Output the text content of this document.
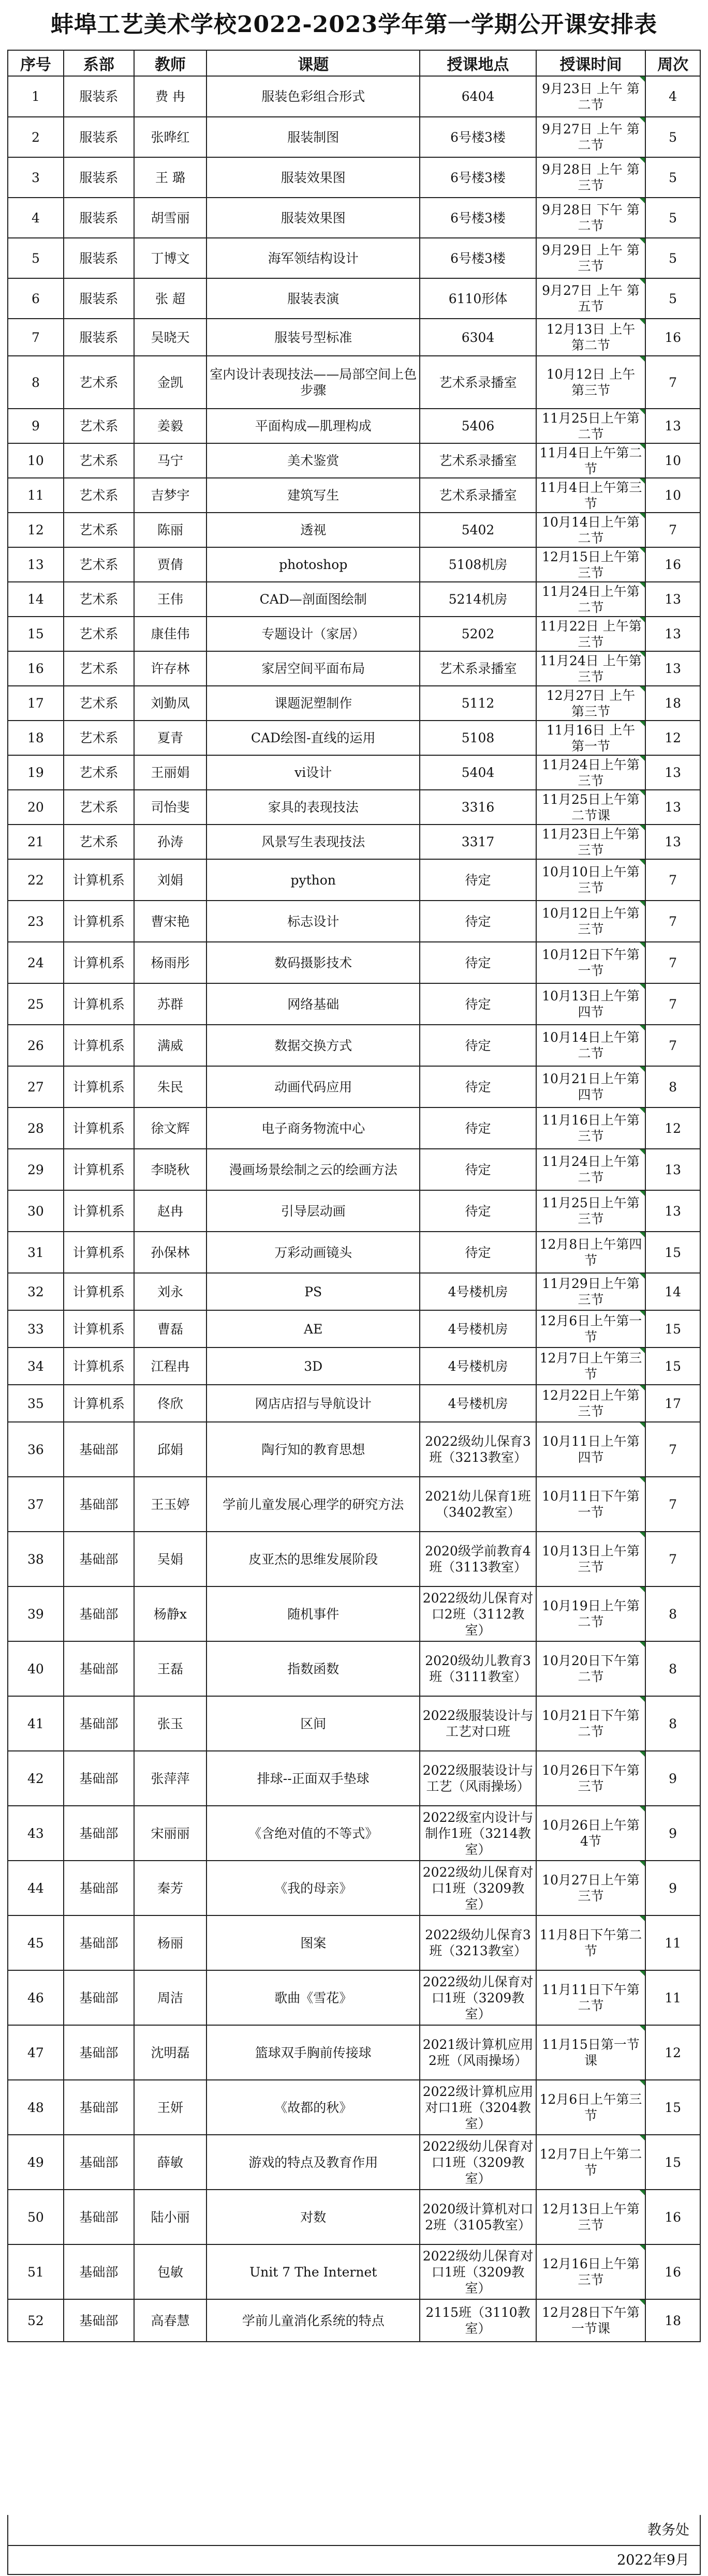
蚌埠工艺美术学校2022-2023学年第一学期公开课安排表
序号	系部	教师	课题	授课地点	授课时间	周次
1	服装系	费 冉	服装色彩组合形式	6404	9月23日 上午 第二节	4
2	服装系	张晔红	服装制图	6号楼3楼	9月27日 上午 第二节	5
3	服装系	王 璐	服装效果图	6号楼3楼	9月28日 上午 第三节	5
4	服装系	胡雪丽	服装效果图	6号楼3楼	9月28日 下午 第二节	5
5	服装系	丁博文	海军领结构设计	6号楼3楼	9月29日 上午 第三节	5
6	服装系	张 超	服装表演	6110形体	9月27日 上午 第五节	5
7	服装系	吴晓天	服装号型标准	6304	12月13日 上午 第二节	16
8	艺术系	金凯	室内设计表现技法——局部空间上色步骤	艺术系录播室	10月12日 上午 第三节	7
9	艺术系	姜毅	平面构成—肌理构成	5406	11月25日上午第二节	13
10	艺术系	马宁	美术鉴赏	艺术系录播室	11月4日上午第二节	10
11	艺术系	吉梦宇	建筑写生	艺术系录播室	11月4日上午第三节	10
12	艺术系	陈丽	透视	5402	10月14日上午第二节	7
13	艺术系	贾倩	photoshop	5108机房	12月15日上午第三节	16
14	艺术系	王伟	CAD—剖面图绘制	5214机房	11月24日上午第二节	13
15	艺术系	康佳伟	专题设计（家居）	5202	11月22日 上午第三节	13
16	艺术系	许存林	家居空间平面布局	艺术系录播室	11月24日 上午第三节	13
17	艺术系	刘勤凤	课题泥塑制作	5112	12月27日 上午 第三节	18
18	艺术系	夏青	CAD绘图-直线的运用	5108	11月16日 上午 第一节	12
19	艺术系	王丽娟	vi设计	5404	11月24日上午第三节	13
20	艺术系	司怡斐	家具的表现技法	3316	11月25日上午第二节课	13
21	艺术系	孙涛	风景写生表现技法	3317	11月23日上午第三节	13
22	计算机系	刘娟	python	待定	10月10日上午第三节	7
23	计算机系	曹宋艳	标志设计	待定	10月12日上午第三节	7
24	计算机系	杨雨彤	数码摄影技术	待定	10月12日下午第一节	7
25	计算机系	苏群	网络基础	待定	10月13日上午第四节	7
26	计算机系	满威	数据交换方式	待定	10月14日上午第二节	7
27	计算机系	朱民	动画代码应用	待定	10月21日上午第四节	8
28	计算机系	徐文辉	电子商务物流中心	待定	11月16日上午第三节	12
29	计算机系	李晓秋	漫画场景绘制之云的绘画方法	待定	11月24日上午第二节	13
30	计算机系	赵冉	引导层动画	待定	11月25日上午第三节	13
31	计算机系	孙保林	万彩动画镜头	待定	12月8日上午第四节	15
32	计算机系	刘永	PS	4号楼机房	11月29日上午第三节	14
33	计算机系	曹磊	AE	4号楼机房	12月6日上午第一节	15
34	计算机系	江程冉	3D	4号楼机房	12月7日上午第三节	15
35	计算机系	佟欣	网店店招与导航设计	4号楼机房	12月22日上午第三节	17
36	基础部	邱娟	陶行知的教育思想	2022级幼儿保育3班（3213教室）	10月11日上午第四节	7
37	基础部	王玉婷	学前儿童发展心理学的研究方法	2021幼儿保育1班（3402教室）	10月11日下午第一节	7
38	基础部	吴娟	皮亚杰的思维发展阶段	2020级学前教育4班（3113教室）	10月13日上午第三节	7
39	基础部	杨静x	随机事件	2022级幼儿保育对口2班（3112教室）	10月19日上午第二节	8
40	基础部	王磊	指数函数	2020级幼儿教育3班（3111教室）	10月20日下午第二节	8
41	基础部	张玉	区间	2022级服装设计与工艺对口班	10月21日下午第二节	8
42	基础部	张萍萍	排球--正面双手垫球	2022级服装设计与工艺（风雨操场）	10月26日下午第三节	9
43	基础部	宋丽丽	《含绝对值的不等式》	2022级室内设计与制作1班（3214教室）	10月26日上午第4节	9
44	基础部	秦芳	《我的母亲》	2022级幼儿保育对口1班（3209教室）	10月27日上午第三节	9
45	基础部	杨丽	图案	2022级幼儿保育3班（3213教室）	11月8日下午第二节	11
46	基础部	周洁	歌曲《雪花》	2022级幼儿保育对口1班（3209教室）	11月11日下午第二节	11
47	基础部	沈明磊	篮球双手胸前传接球	2021级计算机应用2班（风雨操场）	11月15日第一节课	12
48	基础部	王妍	《故都的秋》	2022级计算机应用对口1班（3204教室）	12月6日上午第三节	15
49	基础部	薛敏	游戏的特点及教育作用	2022级幼儿保育对口1班（3209教室）	12月7日上午第二节	15
50	基础部	陆小丽	对数	2020级计算机对口2班（3105教室）	12月13日上午第三节	16
51	基础部	包敏	Unit 7 The Internet	2022级幼儿保育对口1班（3209教室）	12月16日上午第三节	16
52	基础部	高春慧	学前儿童消化系统的特点	2115班（3110教室）	12月28日下午第一节课	18
教务处
2022年9月
